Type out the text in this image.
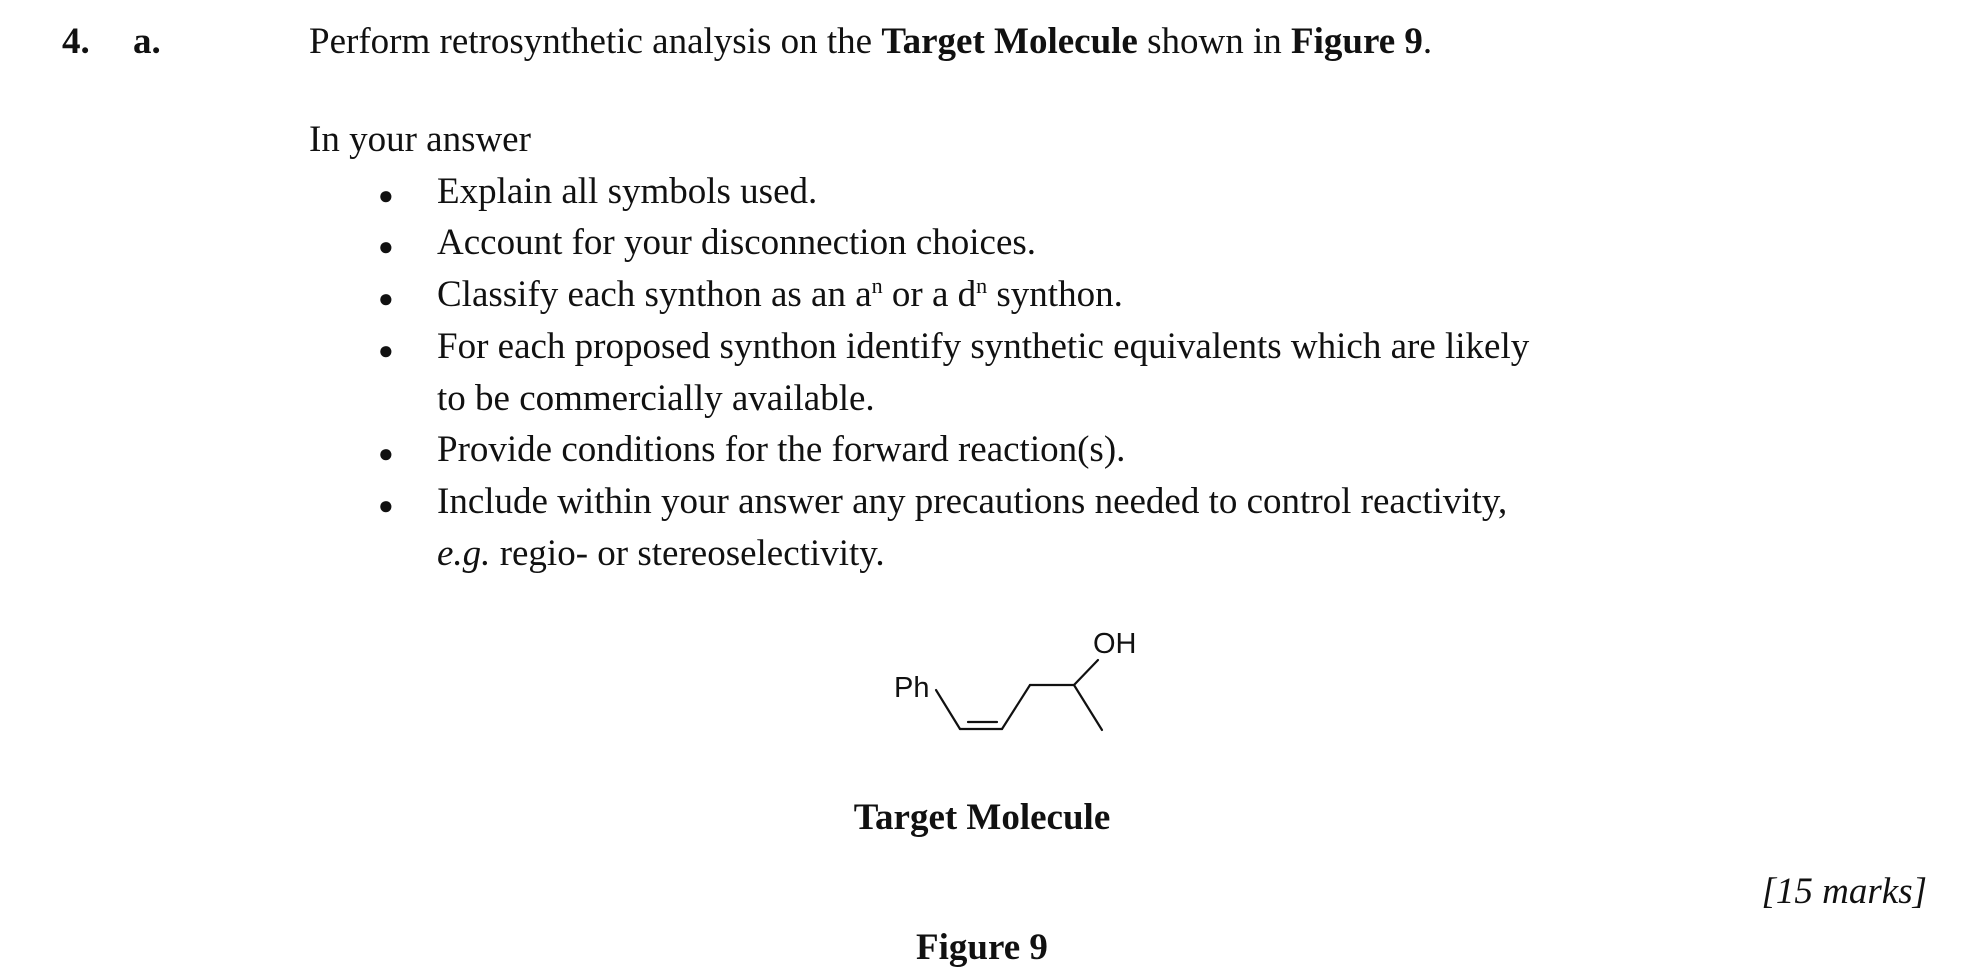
4. a.	Perform retrosynthetic analysis on the Target Molecule shown in Figure 9.
In your answer
● Explain all symbols used.
● Account for your disconnection choices.
● Classify each synthon as an $a^n$ or a $d^n$ synthon.
● For each proposed synthon identify synthetic equivalents which are likely
to be commercially available.
● Provide conditions for the forward reaction(s).
● Include within your answer any precautions needed to control reactivity,
e.g. regio- or stereoselectivity.
Ph
OH
Target Molecule
[15 marks]
Figure 9
